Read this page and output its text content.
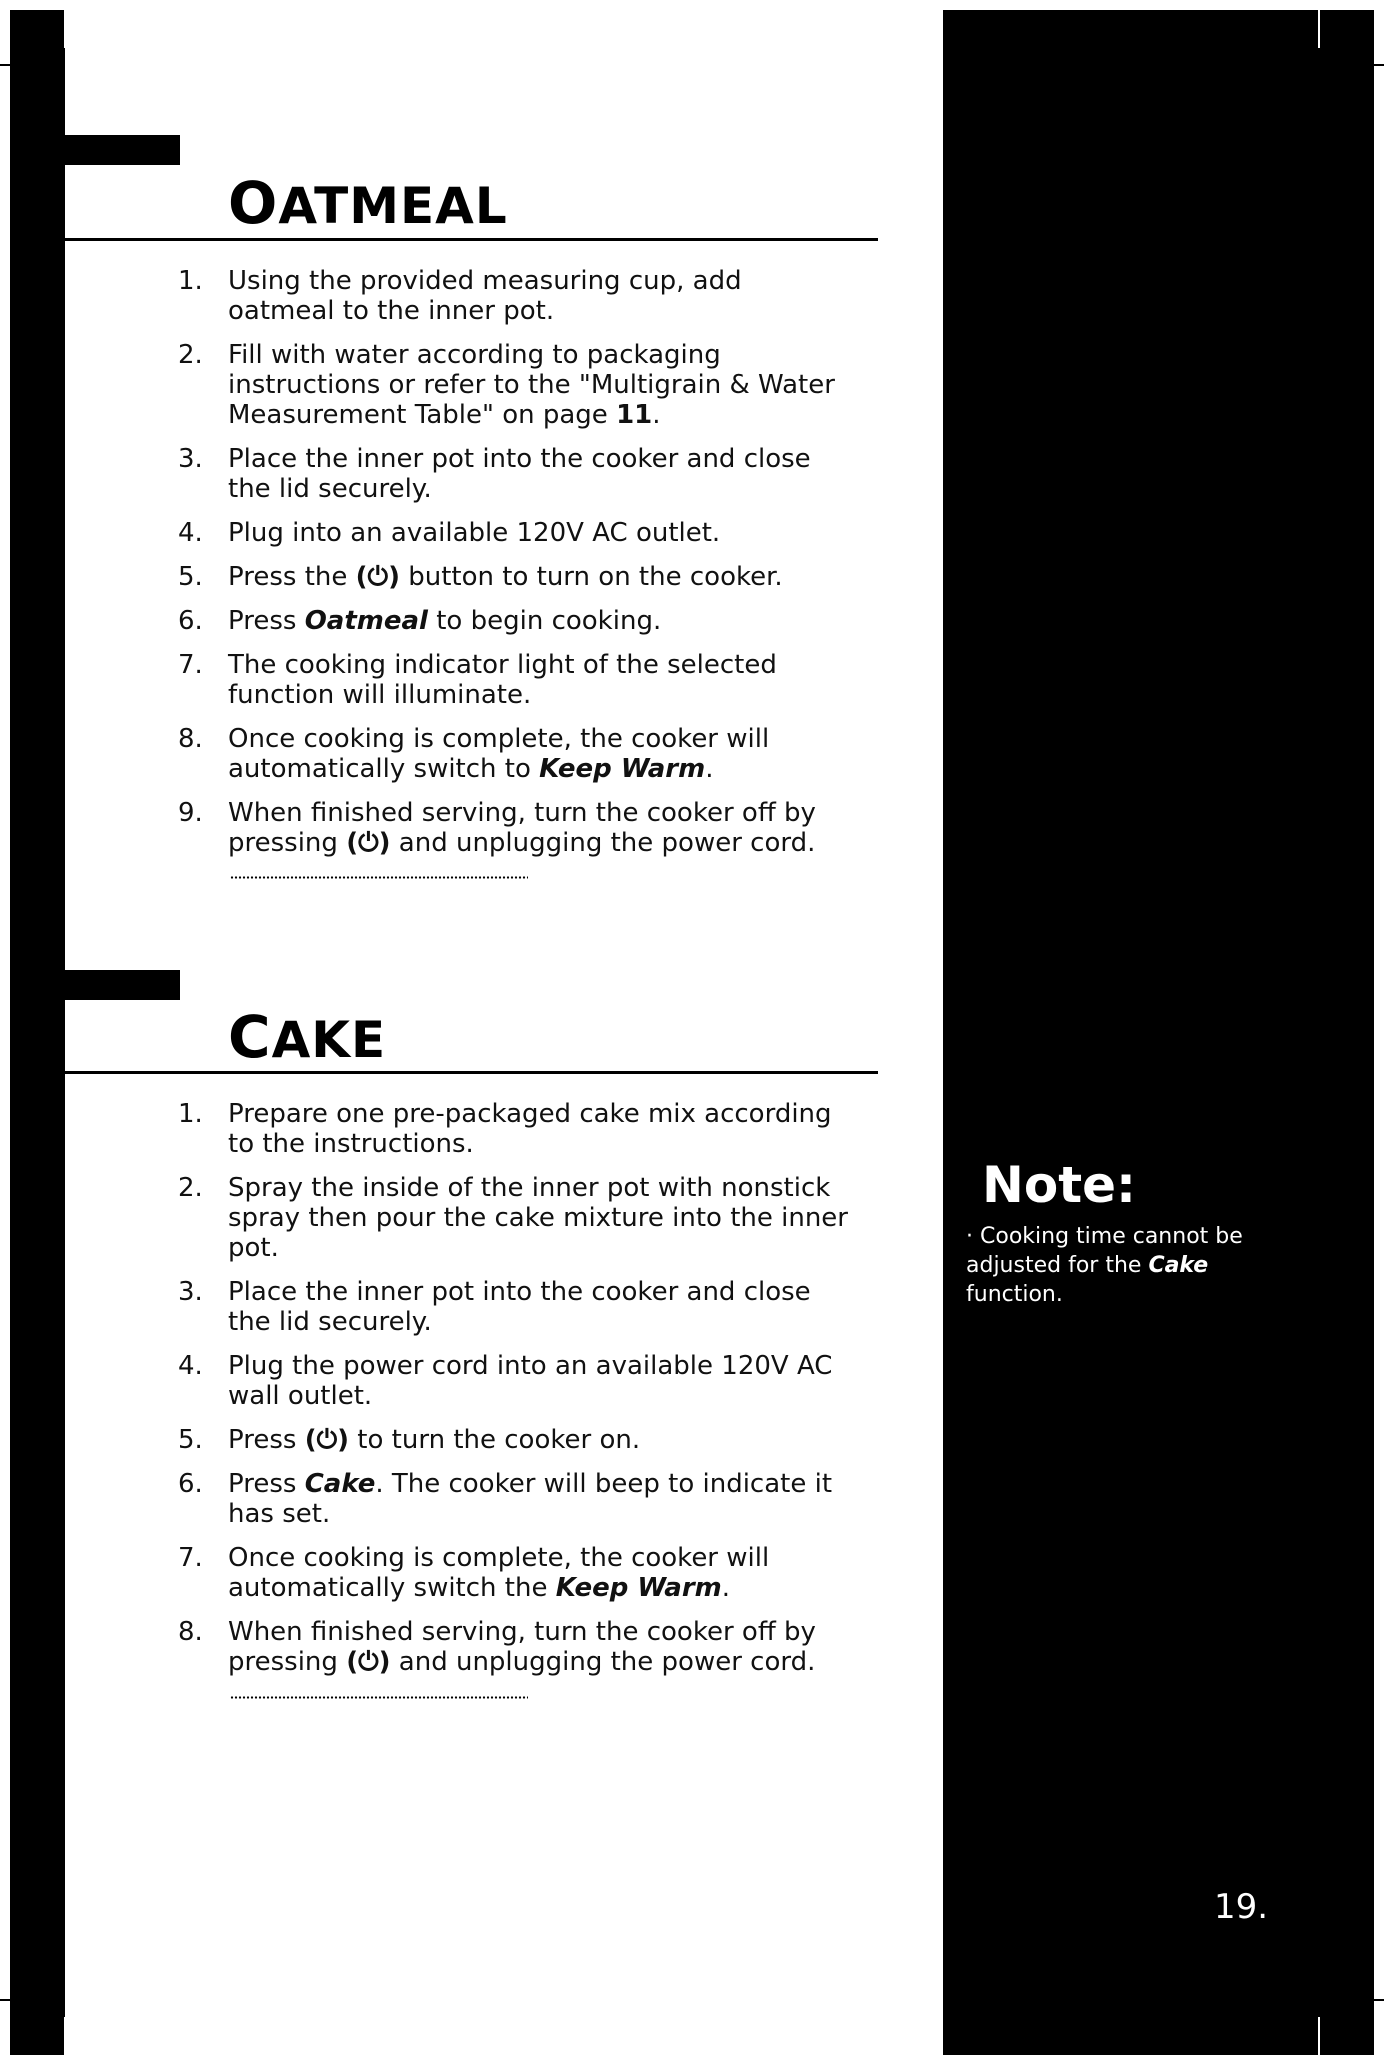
OATMEAL
1. Using the provided measuring cup, add oatmeal to the inner pot.
2. Fill with water according to packaging instructions or refer to the "Multigrain & Water Measurement Table" on page 11.
3. Place the inner pot into the cooker and close the lid securely.
4. Plug into an available 120V AC outlet.
5. Press the (⏻) button to turn on the cooker.
6. Press Oatmeal to begin cooking.
7. The cooking indicator light of the selected function will illuminate.
8. Once cooking is complete, the cooker will automatically switch to Keep Warm.
9. When finished serving, turn the cooker off by pressing (⏻) and unplugging the power cord.
CAKE
1. Prepare one pre-packaged cake mix according to the instructions.
2. Spray the inside of the inner pot with nonstick spray then pour the cake mixture into the inner pot.
3. Place the inner pot into the cooker and close the lid securely.
4. Plug the power cord into an available 120V AC wall outlet.
5. Press (⏻) to turn the cooker on.
6. Press Cake. The cooker will beep to indicate it has set.
7. Once cooking is complete, the cooker will automatically switch the Keep Warm.
8. When finished serving, turn the cooker off by pressing (⏻) and unplugging the power cord.
Note:

· Cooking time cannot be adjusted for the Cake function.

19.
